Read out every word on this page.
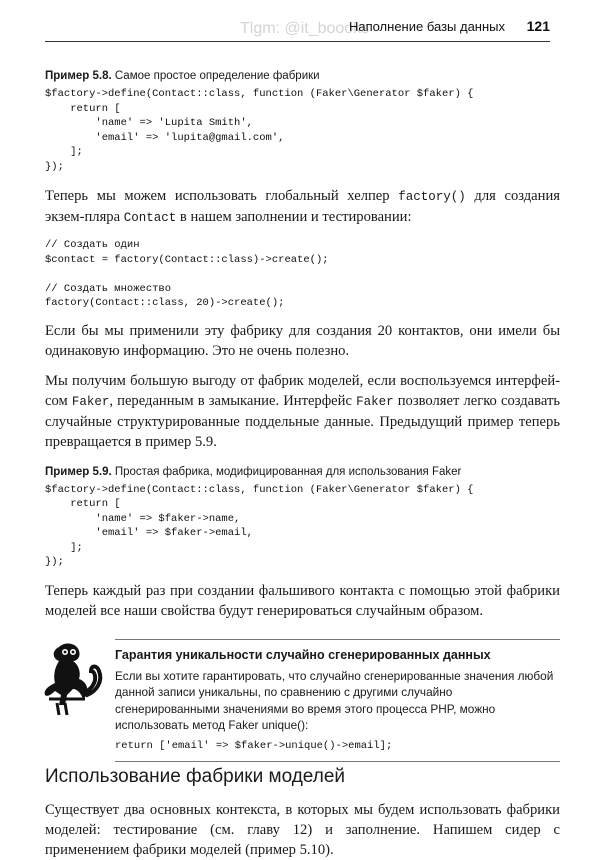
Tlgm: @it_boooks
Наполнение базы данных 121
Пример 5.8. Самое простое определение фабрики
$factory->define(Contact::class, function (Faker\Generator $faker) {
return [
'name' => 'Lupita Smith',
'email' => 'lupita@gmail.com',
];
});

Теперь мы можем использовать глобальный хелпер factory() для создания экзем-пляра Contact в нашем заполнении и тестировании:

// Создать один
$contact = factory(Contact::class)->create();

// Создать множество
factory(Contact::class, 20)->create();

Если бы мы применили эту фабрику для создания 20 контактов, они имели бы одинаковую информацию. Это не очень полезно.

Мы получим большую выгоду от фабрик моделей, если воспользуемся интерфей-сом Faker, переданным в замыкание. Интерфейс Faker позволяет легко создавать случайные структурированные поддельные данные. Предыдущий пример теперь превращается в пример 5.9.

Пример 5.9. Простая фабрика, модифицированная для использования Faker
$factory->define(Contact::class, function (Faker\Generator $faker) {
return [
'name' => $faker->name,
'email' => $faker->email,
];
});

Теперь каждый раз при создании фальшивого контакта с помощью этой фабрики моделей все наши свойства будут генерироваться случайным образом.

Гарантия уникальности случайно сгенерированных данных

Если вы хотите гарантировать, что случайно сгенерированные значения любой данной записи уникальны, по сравнению с другими случайно сгенерированными значениями во время этого процесса PHP, можно использовать метод Faker unique():

return ['email' => $faker->unique()->email];
Использование фабрики моделей

Существует два основных контекста, в которых мы будем использовать фабрики моделей: тестирование (см. главу 12) и заполнение. Напишем сидер с применением фабрики моделей (пример 5.10).
